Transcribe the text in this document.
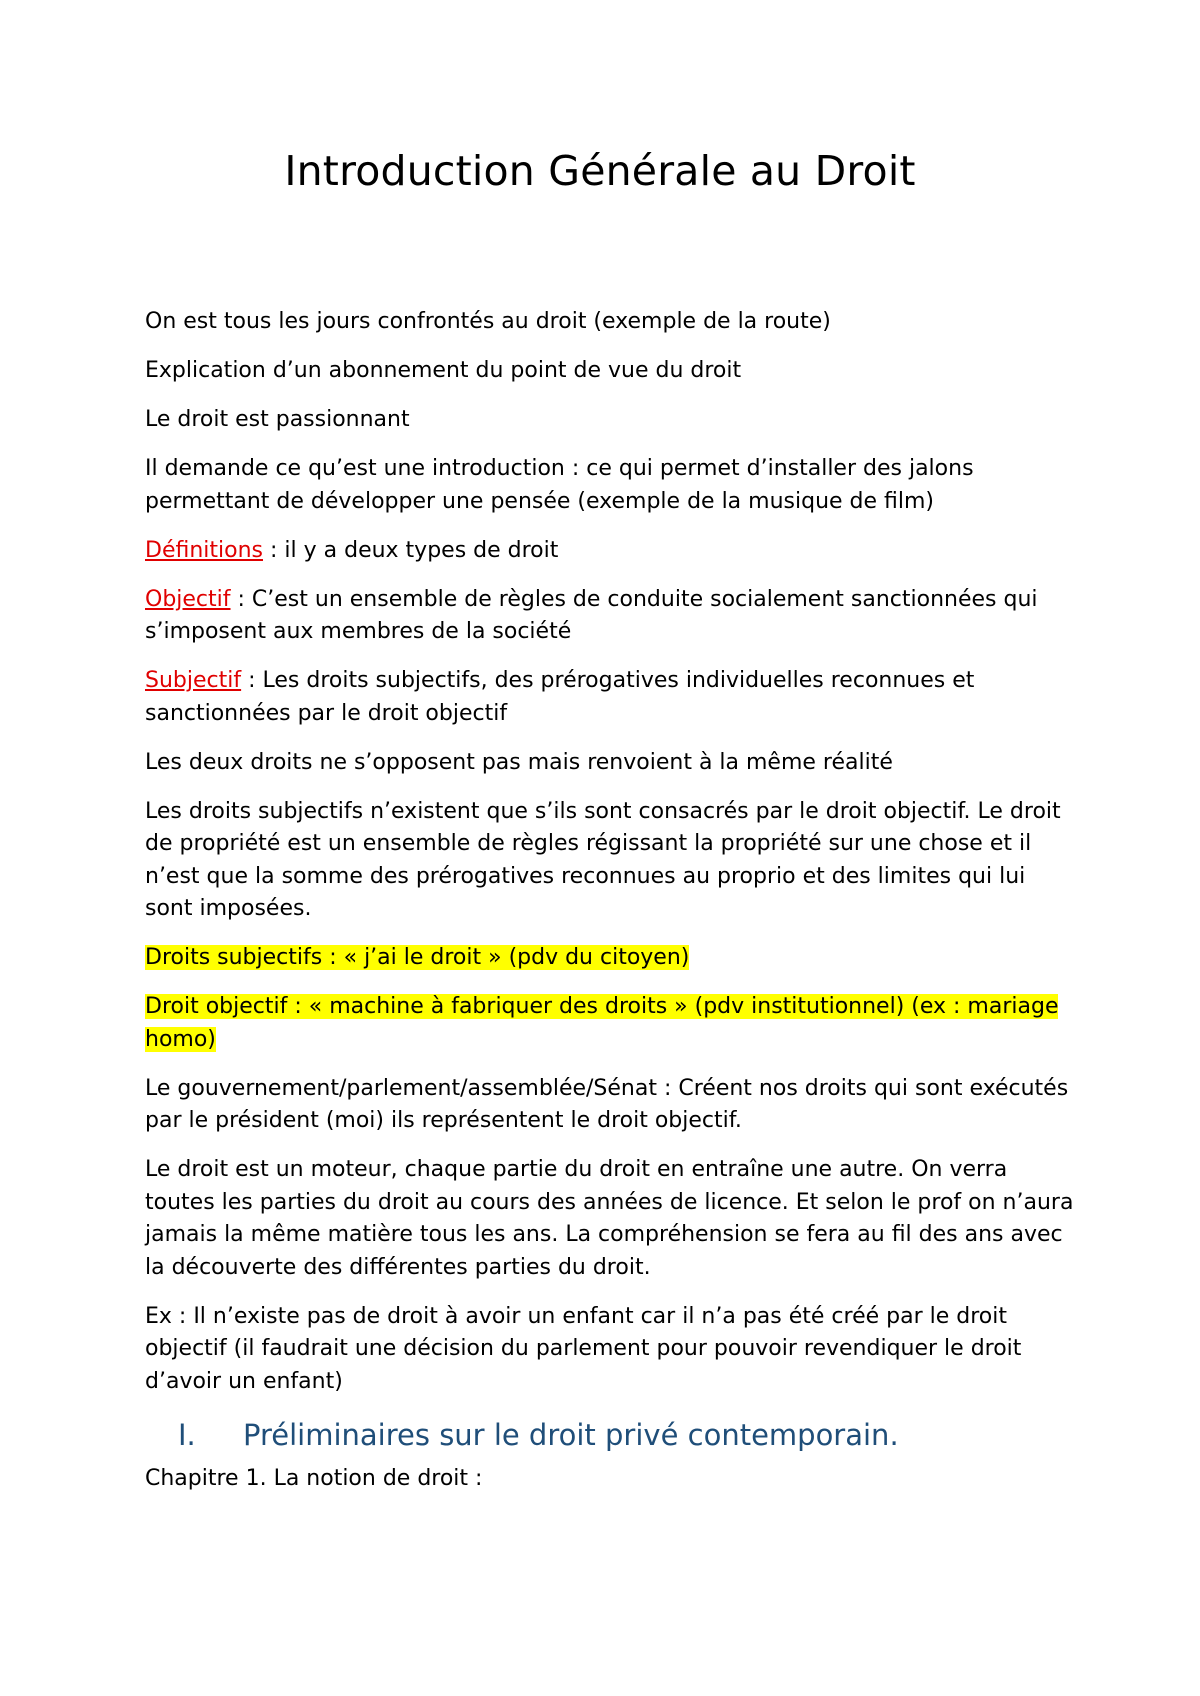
Introduction Générale au Droit

On est tous les jours confrontés au droit (exemple de la route)

Explication d’un abonnement du point de vue du droit

Le droit est passionnant

Il demande ce qu’est une introduction : ce qui permet d’installer des jalons permettant de développer une pensée (exemple de la musique de film)

Définitions : il y a deux types de droit

Objectif : C’est un ensemble de règles de conduite socialement sanctionnées qui s’imposent aux membres de la société

Subjectif : Les droits subjectifs, des prérogatives individuelles reconnues et sanctionnées par le droit objectif

Les deux droits ne s’opposent pas mais renvoient à la même réalité

Les droits subjectifs n’existent que s’ils sont consacrés par le droit objectif. Le droit de propriété est un ensemble de règles régissant la propriété sur une chose et il n’est que la somme des prérogatives reconnues au proprio et des limites qui lui sont imposées.

Droits subjectifs : « j’ai le droit » (pdv du citoyen)

Droit objectif : « machine à fabriquer des droits » (pdv institutionnel) (ex : mariage homo)

Le gouvernement/parlement/assemblée/Sénat : Créent nos droits qui sont exécutés par le président (moi) ils représentent le droit objectif.

Le droit est un moteur, chaque partie du droit en entraîne une autre. On verra toutes les parties du droit au cours des années de licence. Et selon le prof on n’aura jamais la même matière tous les ans. La compréhension se fera au fil des ans avec la découverte des différentes parties du droit.

Ex : Il n’existe pas de droit à avoir un enfant car il n’a pas été créé par le droit objectif (il faudrait une décision du parlement pour pouvoir revendiquer le droit d’avoir un enfant)

I.	Préliminaires sur le droit privé contemporain.

Chapitre 1. La notion de droit :
